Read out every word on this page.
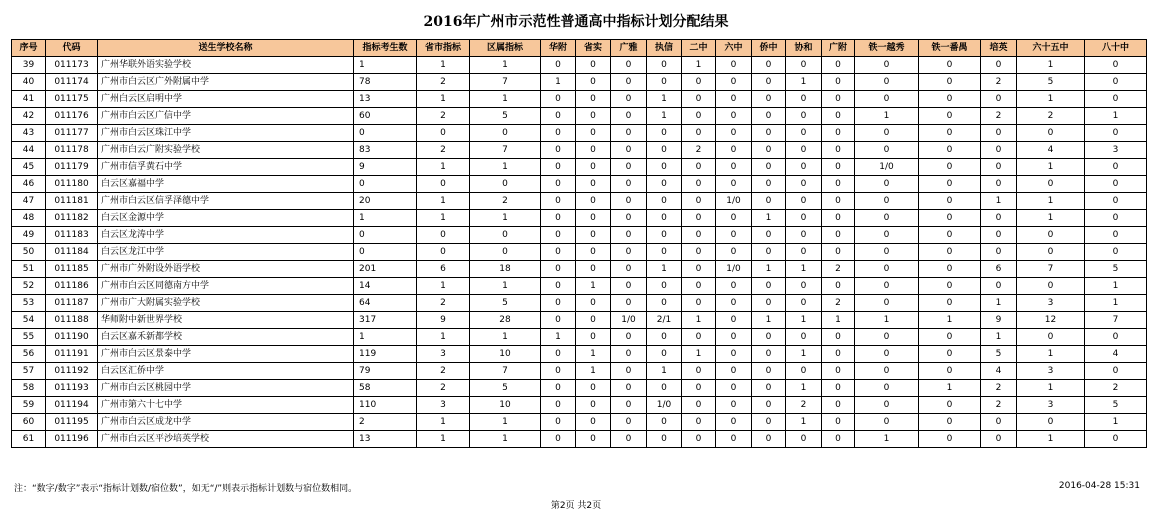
2016年广州市示范性普通高中指标计划分配结果
序号	代码	送生学校名称	指标考生数	省市指标	区属指标	华附	省实	广雅	执信	二中	六中	侨中	协和	广附	铁一越秀	铁一番禺	培英	六十五中	八十中
39	011173	广州华联外语实验学校	1	1	1	0	0	0	0	1	0	0	0	0	0	0	0	1	0
40	011174	广州市白云区广外附属中学	78	2	7	1	0	0	0	0	0	0	1	0	0	0	2	5	0
41	011175	广州白云区启明中学	13	1	1	0	0	0	1	0	0	0	0	0	0	0	0	1	0
42	011176	广州市白云区广信中学	60	2	5	0	0	0	1	0	0	0	0	0	1	0	2	2	1
43	011177	广州市白云区珠江中学	0	0	0	0	0	0	0	0	0	0	0	0	0	0	0	0	0
44	011178	广州市白云广附实验学校	83	2	7	0	0	0	0	2	0	0	0	0	0	0	0	4	3
45	011179	广州市信孚黄石中学	9	1	1	0	0	0	0	0	0	0	0	0	1/0	0	0	1	0
46	011180	白云区嘉福中学	0	0	0	0	0	0	0	0	0	0	0	0	0	0	0	0	0
47	011181	广州市白云区信孚泽德中学	20	1	2	0	0	0	0	0	1/0	0	0	0	0	0	1	1	0
48	011182	白云区金源中学	1	1	1	0	0	0	0	0	0	1	0	0	0	0	0	1	0
49	011183	白云区龙涛中学	0	0	0	0	0	0	0	0	0	0	0	0	0	0	0	0	0
50	011184	白云区龙江中学	0	0	0	0	0	0	0	0	0	0	0	0	0	0	0	0	0
51	011185	广州市广外附设外语学校	201	6	18	0	0	0	1	0	1/0	1	1	2	0	0	6	7	5
52	011186	广州市白云区同德南方中学	14	1	1	0	1	0	0	0	0	0	0	0	0	0	0	0	1
53	011187	广州市广大附属实验学校	64	2	5	0	0	0	0	0	0	0	0	2	0	0	1	3	1
54	011188	华师附中新世界学校	317	9	28	0	0	1/0	2/1	1	0	1	1	1	1	1	9	12	7
55	011190	白云区嘉禾新都学校	1	1	1	1	0	0	0	0	0	0	0	0	0	0	1	0	0
56	011191	广州市白云区景泰中学	119	3	10	0	1	0	0	1	0	0	1	0	0	0	5	1	4
57	011192	白云区汇侨中学	79	2	7	0	1	0	1	0	0	0	0	0	0	0	4	3	0
58	011193	广州市白云区桃园中学	58	2	5	0	0	0	0	0	0	0	1	0	0	1	2	1	2
59	011194	广州市第六十七中学	110	3	10	0	0	0	1/0	0	0	0	2	0	0	0	2	3	5
60	011195	广州市白云区成龙中学	2	1	1	0	0	0	0	0	0	0	1	0	0	0	0	0	1
61	011196	广州市白云区平沙培英学校	13	1	1	0	0	0	0	0	0	0	0	0	1	0	0	1	0
注：“数字/数字”表示“指标计划数/宿位数”，如无“/”则表示指标计划数与宿位数相同。	2016-04-28 15:31
第2页 共2页
